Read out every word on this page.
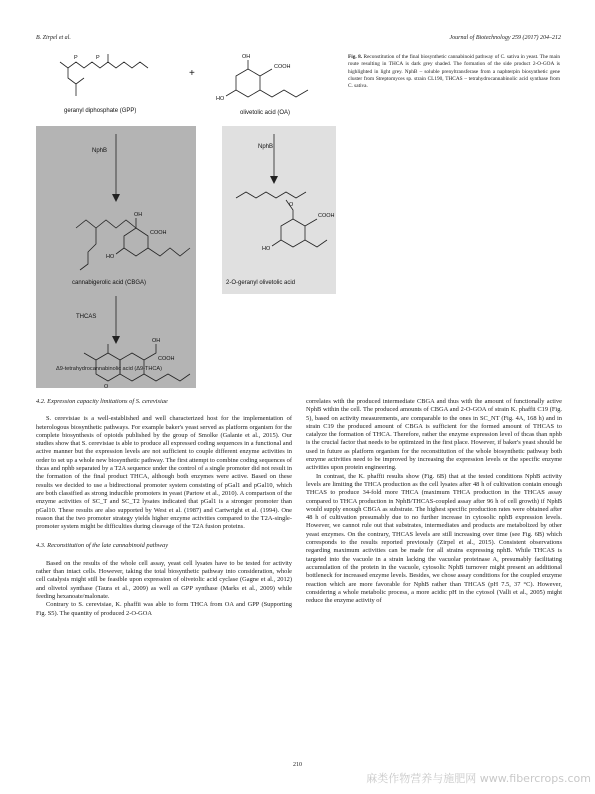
B. Zirpel et al.	Journal of Biotechnology 259 (2017) 204–212
P	P	OH
COOH
HO
OH
COOH
HO
O
COOH
HO
OH
COOH
O
+
geranyl diphosphate (GPP)	olivetolic acid (OA)
NphB
NphB
cannabigerolic acid (CBGA)	2-O-geranyl olivetolic acid
THCAS
Δ9-tetrahydrocannabinolic acid (Δ9-THCA)
Fig. 8. Reconstitution of the final biosynthetic cannabinoid pathway of C. sativa in yeast. The main route resulting in THCA is dark grey shaded. The formation of the side product 2-O-GOA is highlighted in light grey. NphB – soluble prenyltransferase from a naphterpin biosynthetic gene cluster from Streptomyces sp. strain CL190, THCAS – tetrahydrocannabinolic acid synthase from C. sativa.

4.2. Expression capacity limitations of S. cerevisiae

S. cerevisiae is a well-established and well characterized host for the implementation of heterologous biosynthetic pathways. For example baker's yeast served as platform organism for the complete biosynthesis of opioids published by the group of Smolke (Galanie et al., 2015). Our studies show that S. cerevisiae is able to produce all expressed coding sequences in a functional and active manner but the expression levels are not sufficient to couple different enzyme activities in order to set up a whole new biosynthetic pathway. The first attempt to combine coding sequences of thcas and nphb separated by a T2A sequence under the control of a single promoter did not result in the formation of the final product THCA, although both enzymes were active. Based on these results we decided to use a bidirectional promoter system consisting of pGal1 and pGal10, which are both classified as strong inducible promoters in yeast (Partow et al., 2010). A comparison of the enzyme activities of SC_T and SC_T2 lysates indicated that pGal1 is a stronger promoter than pGal10. These results are also supported by West et al. (1987) and Cartwright et al. (1994). One reason that the two promoter strategy yields higher enzyme activities compared to the T2A-single-promoter system might be difficulties during cleavage of the T2A fusion proteins.

4.3. Reconstitution of the late cannabinoid pathway

Based on the results of the whole cell assay, yeast cell lysates have to be tested for activity rather than intact cells. However, taking the total biosynthetic pathway into consideration, whole cell catalysis might still be feasible upon expression of olivetolic acid cyclase (Gagne et al., 2012) and olivetol synthase (Taura et al., 2009) as well as GPP synthase (Marks et al., 2009) while feeding hexanoate/malonate.

Contrary to S. cerevisiae, K. phaffii was able to form THCA from OA and GPP (Supporting Fig. S5). The quantity of produced 2-O-GOA

correlates with the produced intermediate CBGA and thus with the amount of functionally active NphB within the cell. The produced amounts of CBGA and 2-O-GOA of strain K. phaffii C19 (Fig. 5), based on activity measurements, are comparable to the ones in SC_NT (Fig. 4A, 168 h) and in strain C19 the produced amount of CBGA is sufficient for the formed amount of THCAS to catalyze the formation of THCA. Therefore, rather the enzyme expression level of thcas than nphb is the crucial factor that needs to be optimized in the first place. However, if baker's yeast should be used in future as platform organism for the reconstitution of the whole biosynthetic pathway both enzyme activities need to be improved by increasing the expression levels or the specific enzyme activities upon protein engineering.

In contrast, the K. phaffii results show (Fig. 6B) that at the tested conditions NphB activity levels are limiting the THCA production as the cell lysates after 48 h of cultivation contain enough THCAS to produce 34-fold more THCA (maximum THCA production in the THCAS assay compared to THCA production in NphB/THCAS-coupled assay after 96 h of cell growth) if NphB would supply enough CBGA as substrate. The highest specific production rates were obtained after 48 h of cultivation presumably due to no further increase in cytosolic nphB expression levels. However, we cannot rule out that substrates, intermediates and products are metabolized by other yeast enzymes. On the contrary, THCAS levels are still increasing over time (see Fig. 6B) which corresponds to the results reported previously (Zirpel et al., 2015). Consistent observations regarding maximum activities can be made for all strains expressing nphB. While THCAS is targeted into the vacuole in a strain lacking the vacuolar proteinase A, presumably facilitating accumulation of the protein in the vacuole, cytosolic NphB turnover might present an additional bottleneck for increased enzyme levels. Besides, we chose assay conditions for the coupled enzyme reaction which are more favorable for NphB rather than THCAS (pH 7.5, 37 °C). However, considering a whole metabolic process, a more acidic pH in the cytosol (Valli et al., 2005) might reduce the enzyme activity of

210
麻类作物营养与施肥网 www.fibercrops.com
